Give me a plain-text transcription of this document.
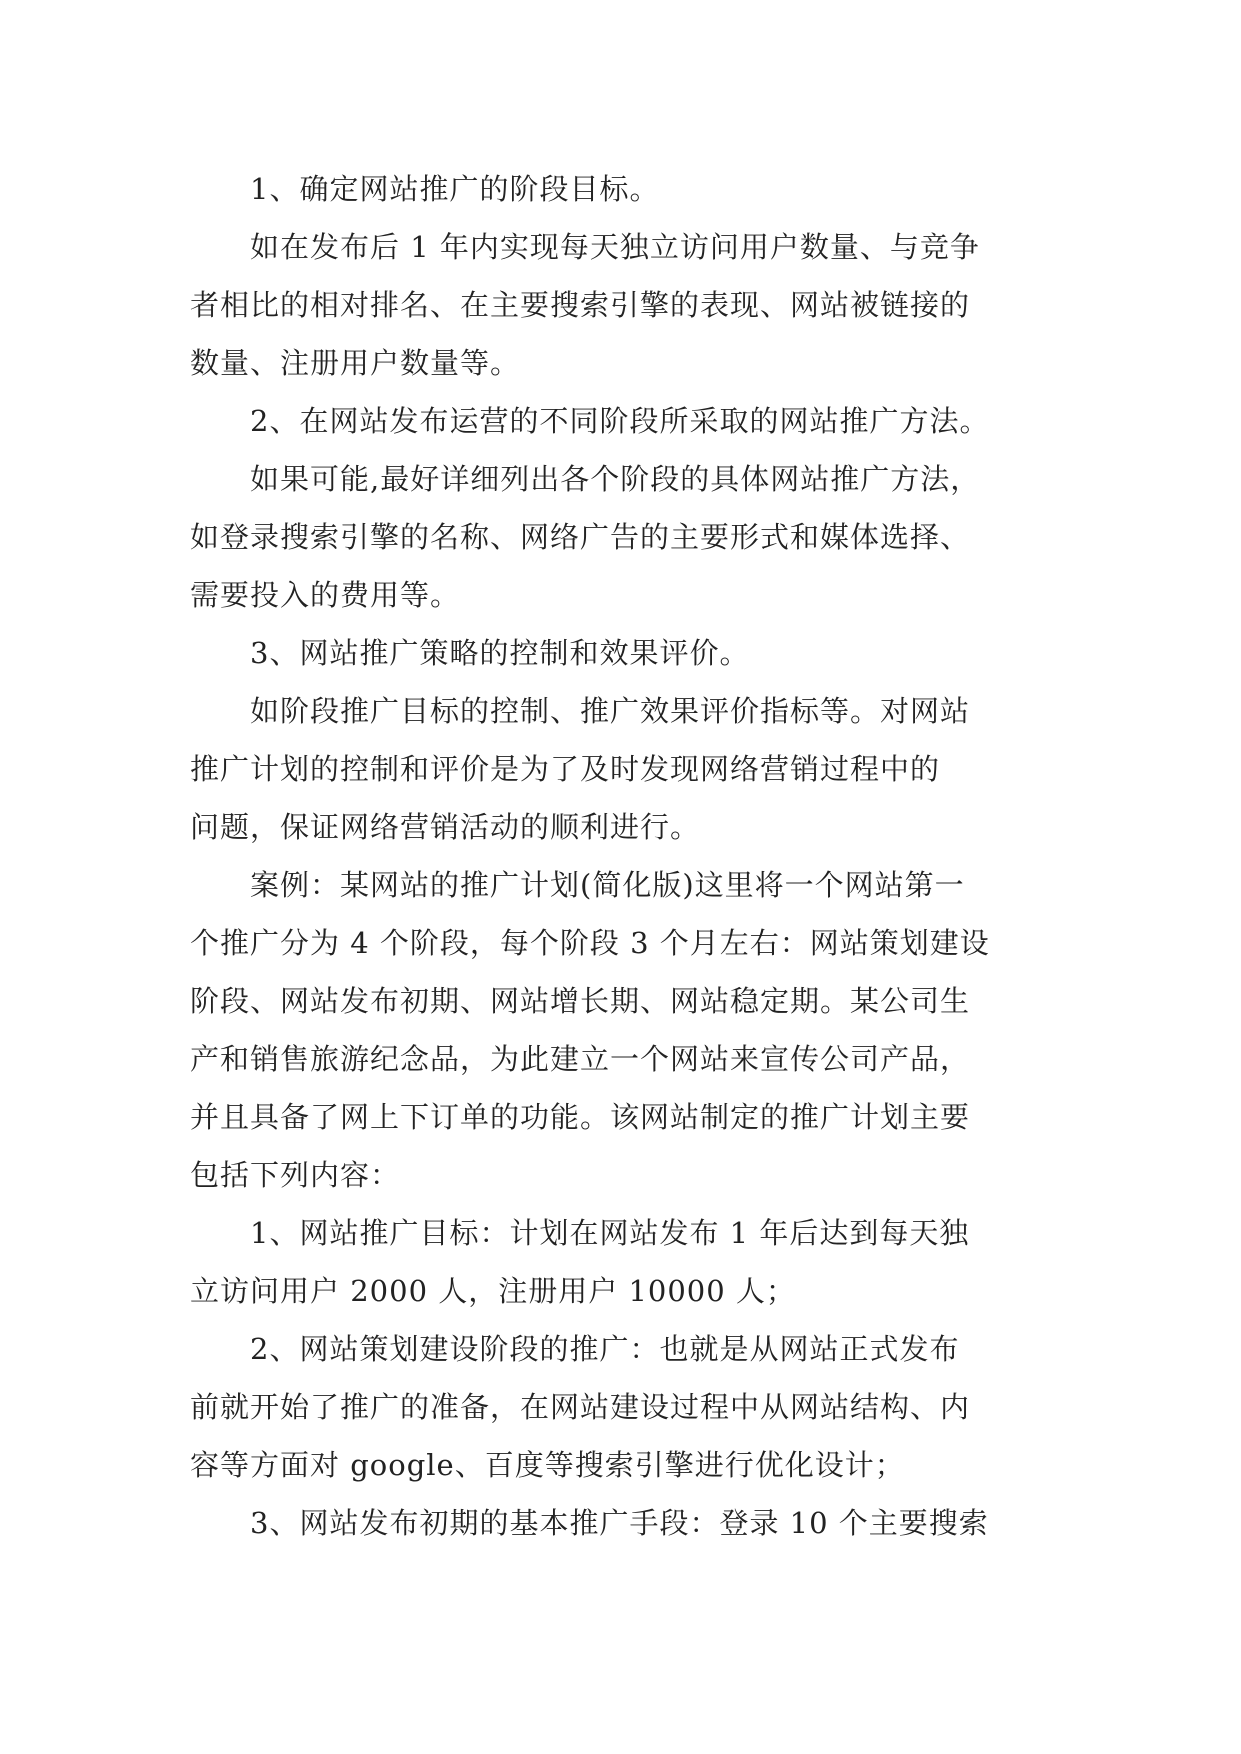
1、确定网站推广的阶段目标。
如在发布后 1 年内实现每天独立访问用户数量、与竞争
者相比的相对排名、在主要搜索引擎的表现、网站被链接的
数量、注册用户数量等。
2、在网站发布运营的不同阶段所采取的网站推广方法。
如果可能,最好详细列出各个阶段的具体网站推广方法，
如登录搜索引擎的名称、网络广告的主要形式和媒体选择、
需要投入的费用等。
3、网站推广策略的控制和效果评价。
如阶段推广目标的控制、推广效果评价指标等。对网站
推广计划的控制和评价是为了及时发现网络营销过程中的
问题，保证网络营销活动的顺利进行。
案例：某网站的推广计划(简化版)这里将一个网站第一
个推广分为 4 个阶段，每个阶段 3 个月左右：网站策划建设
阶段、网站发布初期、网站增长期、网站稳定期。某公司生
产和销售旅游纪念品，为此建立一个网站来宣传公司产品，
并且具备了网上下订单的功能。该网站制定的推广计划主要
包括下列内容：
1、网站推广目标：计划在网站发布 1 年后达到每天独
立访问用户 2000 人，注册用户 10000 人；
2、网站策划建设阶段的推广：也就是从网站正式发布
前就开始了推广的准备，在网站建设过程中从网站结构、内
容等方面对 google、百度等搜索引擎进行优化设计；
3、网站发布初期的基本推广手段：登录 10 个主要搜索
